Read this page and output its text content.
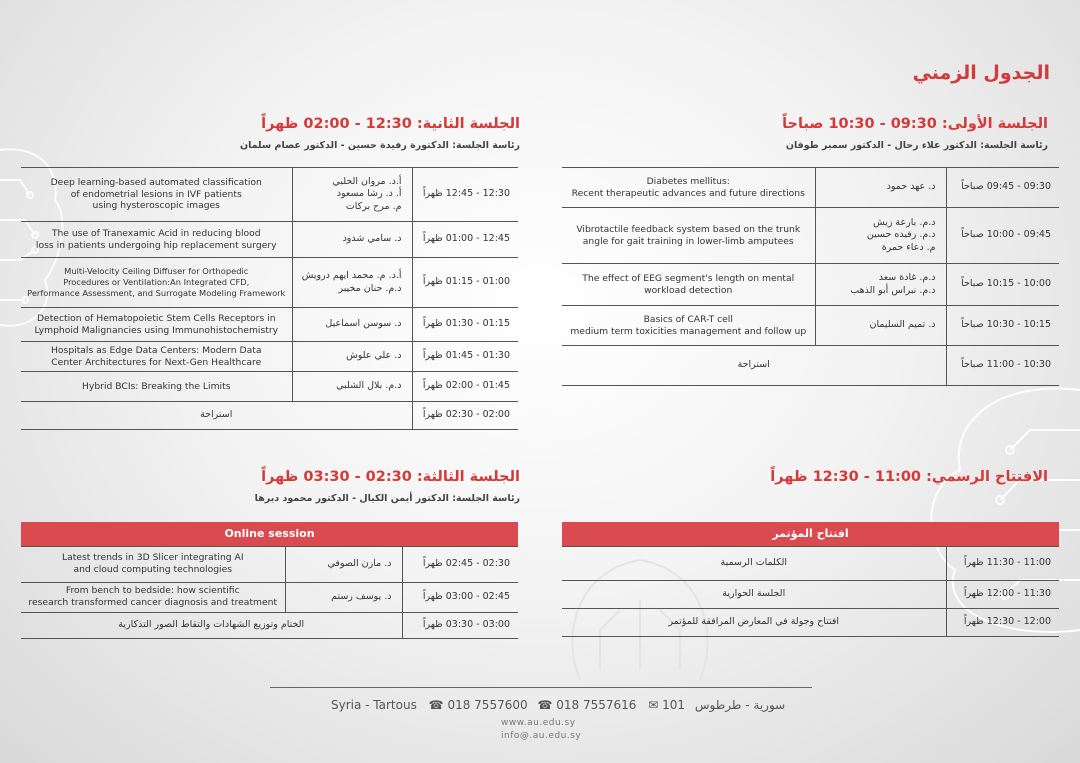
الجدول الزمني
الجلسة الأولى: 09:30 - 10:30 صباحاً
رئاسة الجلسة: الدكتور علاء رحال - الدكتور سمير طوفان
Diabetes mellitus:
Recent therapeutic advances and future directions	د. عهد حمود	09:30 - 09:45 صباحاً
Vibrotactile feedback system based on the trunk
angle for gait training in lower-limb amputees	د.م. بارعة زيش
د.م. رفيده حسين
م. دعاء حمرة	09:45 - 10:00 صباحاً
The effect of EEG segment's length on mental
workload detection	د.م. غادة سعد
د.م. نبراس أبو الذهب	10:00 - 10:15 صباحاً
Basics of CAR-T cell
medium term toxicities management and follow up	د. تميم السليمان	10:15 - 10:30 صباحاً
استراحة		10:30 - 11:00 صباحاً
الجلسة الثانية: 12:30 - 02:00 ظهراً
رئاسة الجلسة: الدكتورة رفيدة حسين - الدكتور عصام سلمان
Deep learning-based automated classification
of endometrial lesions in IVF patients
using hysteroscopic images	أ.د. مروان الحلبي
أ. د. رشا مسعود
م. مرح بركات	12:30 - 12:45 ظهراً
The use of Tranexamic Acid in reducing blood
loss in patients undergoing hip replacement surgery	د. سامي شدود	12:45 - 01:00 ظهراً
Multi-Velocity Ceiling Diffuser for Orthopedic
Procedures or Ventilation:An Integrated CFD,
Performance Assessment, and Surrogate Modeling Framework	أ.د. م. محمد ايهم درويش
د.م. حنان مخيبر	01:00 - 01:15 ظهراً
Detection of Hematopoietic Stem Cells Receptors in
Lymphoid Malignancies using Immunohistochemistry	د. سوسن اسماعيل	01:15 - 01:30 ظهراً
Hospitals as Edge Data Centers: Modern Data
Center Architectures for Next-Gen Healthcare	د. علي علوش	01:30 - 01:45 ظهراً
Hybrid BCIs: Breaking the Limits	د.م. بلال الشلبي	01:45 - 02:00 ظهراً
استراحة		02:00 - 02:30 ظهراً
الافتتاح الرسمي: 11:00 - 12:30 ظهراً
افتتاح المؤتمر	
الكلمات الرسمية	11:00 - 11:30 ظهراً
الجلسة الحوارية	11:30 - 12:00 ظهراً
افتتاح وجولة في المعارض المرافقة للمؤتمر	12:00 - 12:30 ظهراً
الجلسة الثالثة: 02:30 - 03:30 ظهراً
رئاسة الجلسة: الدكتور أيمن الكيال - الدكتور محمود ديرها
Online session		
Latest trends in 3D Slicer integrating AI
and cloud computing technologies	د. مازن الصوفي	02:30 - 02:45 ظهراً
From bench to bedside: how scientific
research transformed cancer diagnosis and treatment	د. يوسف رستم	02:45 - 03:00 ظهراً
الختام وتوزيع الشهادات والتقاط الصور التذكارية		03:00 - 03:30 ظهراً
Syria - Tartous ☎ 018 7557600 ☎ 018 7557616 ✉ 101 سورية - طرطوس
www.au.edu.sy
info@.au.edu.sy
